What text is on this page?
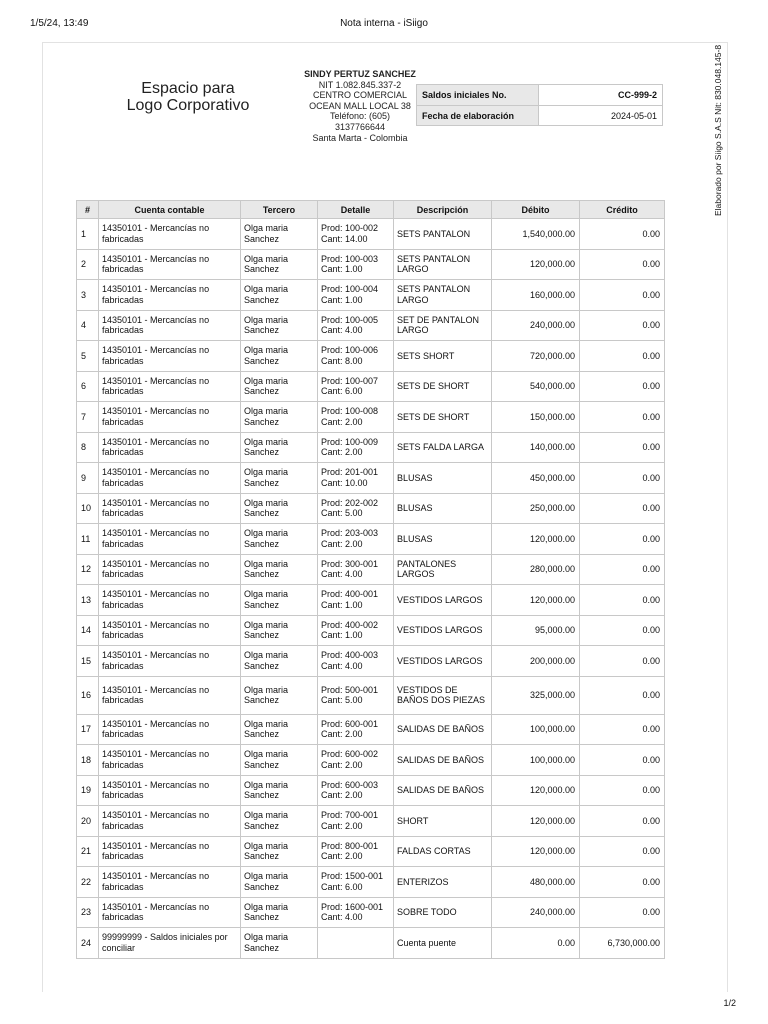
1/5/24, 13:49	Nota interna - iSiigo
Espacio para
Logo Corporativo
SINDY PERTUZ SANCHEZ
NIT 1.082.845.337-2
CENTRO COMERCIAL
OCEAN MALL LOCAL 38
Teléfono: (605)
3137766644
Santa Marta - Colombia
Saldos iniciales No.	CC-999-2
Fecha de elaboración	2024-05-01	Elaborado por Siigo S.A.S Nit: 830.048.145-8
#	Cuenta contable	Tercero	Detalle	Descripción	Débito	Crédito
1	14350101 - Mercancías no fabricadas	Olga maria Sanchez	Prod: 100-002 Cant: 14.00	SETS PANTALON	1,540,000.00	0.00
2	14350101 - Mercancías no fabricadas	Olga maria Sanchez	Prod: 100-003 Cant: 1.00	SETS PANTALON LARGO	120,000.00	0.00
3	14350101 - Mercancías no fabricadas	Olga maria Sanchez	Prod: 100-004 Cant: 1.00	SETS PANTALON LARGO	160,000.00	0.00
4	14350101 - Mercancías no fabricadas	Olga maria Sanchez	Prod: 100-005 Cant: 4.00	SET DE PANTALON LARGO	240,000.00	0.00
5	14350101 - Mercancías no fabricadas	Olga maria Sanchez	Prod: 100-006 Cant: 8.00	SETS SHORT	720,000.00	0.00
6	14350101 - Mercancías no fabricadas	Olga maria Sanchez	Prod: 100-007 Cant: 6.00	SETS DE SHORT	540,000.00	0.00
7	14350101 - Mercancías no fabricadas	Olga maria Sanchez	Prod: 100-008 Cant: 2.00	SETS DE SHORT	150,000.00	0.00
8	14350101 - Mercancías no fabricadas	Olga maria Sanchez	Prod: 100-009 Cant: 2.00	SETS FALDA LARGA	140,000.00	0.00
9	14350101 - Mercancías no fabricadas	Olga maria Sanchez	Prod: 201-001 Cant: 10.00	BLUSAS	450,000.00	0.00
10	14350101 - Mercancías no fabricadas	Olga maria Sanchez	Prod: 202-002 Cant: 5.00	BLUSAS	250,000.00	0.00
11	14350101 - Mercancías no fabricadas	Olga maria Sanchez	Prod: 203-003 Cant: 2.00	BLUSAS	120,000.00	0.00
12	14350101 - Mercancías no fabricadas	Olga maria Sanchez	Prod: 300-001 Cant: 4.00	PANTALONES LARGOS	280,000.00	0.00
13	14350101 - Mercancías no fabricadas	Olga maria Sanchez	Prod: 400-001 Cant: 1.00	VESTIDOS LARGOS	120,000.00	0.00
14	14350101 - Mercancías no fabricadas	Olga maria Sanchez	Prod: 400-002 Cant: 1.00	VESTIDOS LARGOS	95,000.00	0.00
15	14350101 - Mercancías no fabricadas	Olga maria Sanchez	Prod: 400-003 Cant: 4.00	VESTIDOS LARGOS	200,000.00	0.00
16	14350101 - Mercancías no fabricadas	Olga maria Sanchez	Prod: 500-001 Cant: 5.00	VESTIDOS DE BAÑOS DOS PIEZAS	325,000.00	0.00
17	14350101 - Mercancías no fabricadas	Olga maria Sanchez	Prod: 600-001 Cant: 2.00	SALIDAS DE BAÑOS	100,000.00	0.00
18	14350101 - Mercancías no fabricadas	Olga maria Sanchez	Prod: 600-002 Cant: 2.00	SALIDAS DE BAÑOS	100,000.00	0.00
19	14350101 - Mercancías no fabricadas	Olga maria Sanchez	Prod: 600-003 Cant: 2.00	SALIDAS DE BAÑOS	120,000.00	0.00
20	14350101 - Mercancías no fabricadas	Olga maria Sanchez	Prod: 700-001 Cant: 2.00	SHORT	120,000.00	0.00
21	14350101 - Mercancías no fabricadas	Olga maria Sanchez	Prod: 800-001 Cant: 2.00	FALDAS CORTAS	120,000.00	0.00
22	14350101 - Mercancías no fabricadas	Olga maria Sanchez	Prod: 1500-001 Cant: 6.00	ENTERIZOS	480,000.00	0.00
23	14350101 - Mercancías no fabricadas	Olga maria Sanchez	Prod: 1600-001 Cant: 4.00	SOBRE TODO	240,000.00	0.00
24	99999999 - Saldos iniciales por conciliar	Olga maria Sanchez		Cuenta puente	0.00	6,730,000.00
1/2
